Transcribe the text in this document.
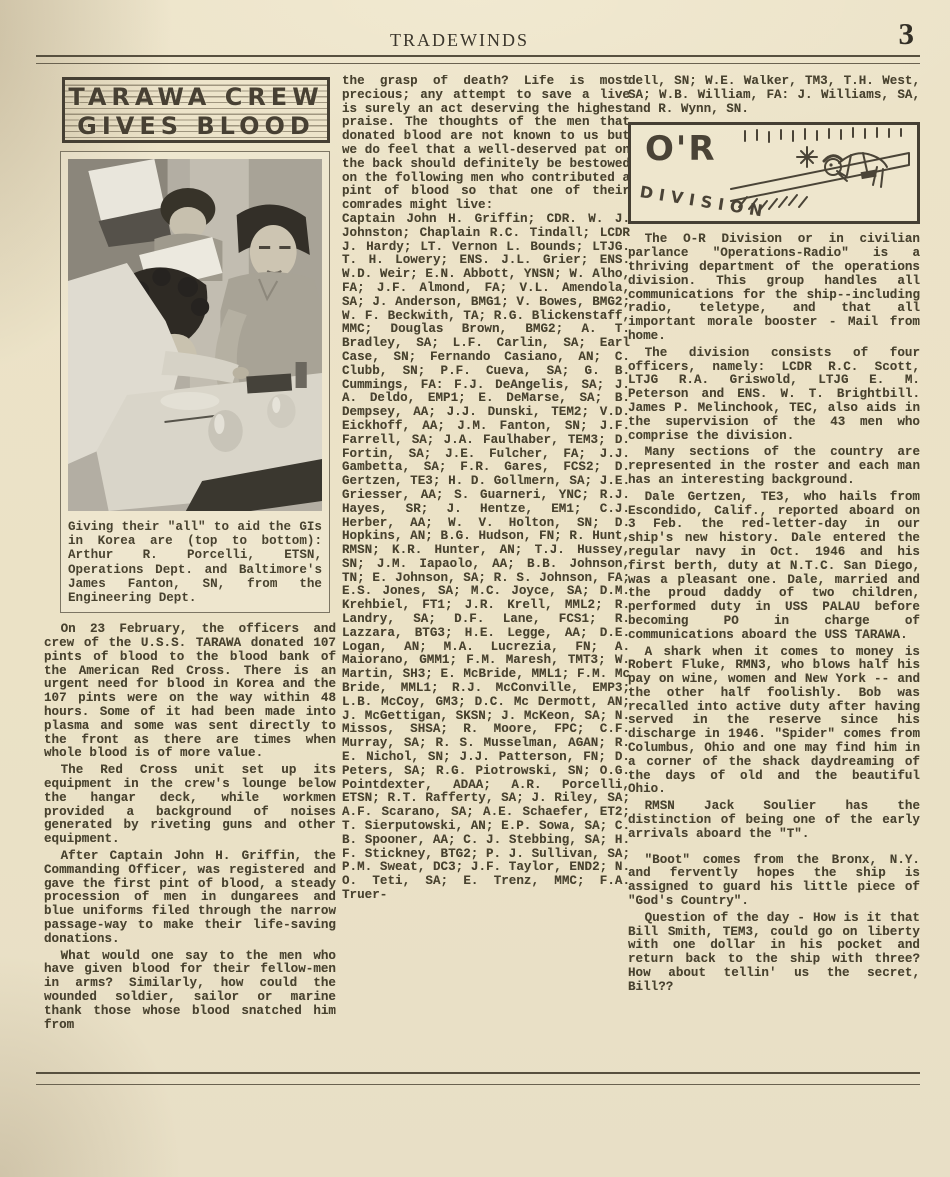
TRADEWINDS	3
TARAWA CREW
GIVES BLOOD
Giving their "all" to aid the GIs in Korea are (top to bottom): Arthur R. Porcelli, ETSN, Operations Dept. and Baltimore's James Fanton, SN, from the Engineering Dept.

On 23 February, the officers and crew of the U.S.S. TARAWA donated 107 pints of blood to the blood bank of the American Red Cross. There is an urgent need for blood in Korea and the 107 pints were on the way within 48 hours. Some of it had been made into plasma and some was sent directly to the front as there are times when whole blood is of more value.

The Red Cross unit set up its equipment in the crew's lounge below the hangar deck, while workmen provided a background of noises generated by riveting guns and other equipment.

After Captain John H. Griffin, the Commanding Officer, was registered and gave the first pint of blood, a steady procession of men in dungarees and blue uniforms filed through the narrow passage-way to make their life-saving donations.

What would one say to the men who have given blood for their fellow-men in arms? Similarly, how could the wounded soldier, sailor or marine thank those whose blood snatched him from

the grasp of death? Life is most precious; any attempt to save a live is surely an act deserving the highest praise. The thoughts of the men that donated blood are not known to us but we do feel that a well-deserved pat on the back should definitely be bestowed on the following men who contributed a pint of blood so that one of their comrades might live:

Captain John H. Griffin; CDR. W. J. Johnston; Chaplain R.C. Tindall; LCDR J. Hardy; LT. Vernon L. Bounds; LTJG. T. H. Lowery; ENS. J.L. Grier; ENS. W.D. Weir; E.N. Abbott, YNSN; W. Alho, FA; J.F. Almond, FA; V.L. Amendola, SA; J. Anderson, BMG1; V. Bowes, BMG2; W. F. Beckwith, TA; R.G. Blickenstaff, MMC; Douglas Brown, BMG2; A. T. Bradley, SA; L.F. Carlin, SA; Earl Case, SN; Fernando Casiano, AN; C. Clubb, SN; P.F. Cueva, SA; G. B. Cummings, FA: F.J. DeAngelis, SA; J. A. Deldo, EMP1; E. DeMarse, SA; B. Dempsey, AA; J.J. Dunski, TEM2; V.D. Eickhoff, AA; J.M. Fanton, SN; J.F. Farrell, SA; J.A. Faulhaber, TEM3; D. Fortin, SA; J.E. Fulcher, FA; J.J. Gambetta, SA; F.R. Gares, FCS2; D. Gertzen, TE3; H. D. Gollmern, SA; J.E. Griesser, AA; S. Guarneri, YNC; R.J. Hayes, SR; J. Hentze, EM1; C.J. Herber, AA; W. V. Holton, SN; D. Hopkins, AN; B.G. Hudson, FN; R. Hunt, RMSN; K.R. Hunter, AN; T.J. Hussey, SN; J.M. Iapaolo, AA; B.B. Johnson, TN; E. Johnson, SA; R. S. Johnson, FA; E.S. Jones, SA; M.C. Joyce, SA; D.M. Krehbiel, FT1; J.R. Krell, MML2; R. Landry, SA; D.F. Lane, FCS1; R. Lazzara, BTG3; H.E. Legge, AA; D.E. Logan, AN; M.A. Lucrezia, FN; A. Maiorano, GMM1; F.M. Maresh, TMT3; W. Martin, SH3; E. McBride, MML1; F.M. Mc Bride, MML1; R.J. McConville, EMP3; L.B. McCoy, GM3; D.C. Mc Dermott, AN; J. McGettigan, SKSN; J. McKeon, SA; N. Missos, SHSA; R. Moore, FPC; C.F. Murray, SA; R. S. Musselman, AGAN; R. E. Nichol, SN; J.J. Patterson, FN; D. Peters, SA; R.G. Piotrowski, SN; O.G. Pointdexter, ADAA; A.R. Porcelli, ETSN; R.T. Rafferty, SA; J. Riley, SA; A.F. Scarano, SA; A.E. Schaefer, ET2; T. Sierputowski, AN; E.P. Sowa, SA; C. B. Spooner, AA; C. J. Stebbing, SA; H. F. Stickney, BTG2; P. J. Sullivan, SA; P.M. Sweat, DC3; J.F. Taylor, END2; N. O. Teti, SA; E. Trenz, MMC; F.A. Truer-

dell, SN; W.E. Walker, TM3, T.H. West, SA; W.B. William, FA: J. Williams, SA, and R. Wynn, SN.

O'R
DIVISION

The O-R Division or in civilian parlance "Operations-Radio" is a thriving department of the operations division. This group handles all communications for the ship--including radio, teletype, and that all important morale booster - Mail from home.

The division consists of four officers, namely: LCDR R.C. Scott, LTJG R.A. Griswold, LTJG E. M. Peterson and ENS. W. T. Brightbill. James P. Melinchook, TEC, also aids in the supervision of the 43 men who comprise the division.

Many sections of the country are represented in the roster and each man has an interesting background.

Dale Gertzen, TE3, who hails from Escondido, Calif., reported aboard on 3 Feb. the red-letter-day in our ship's new history. Dale entered the regular navy in Oct. 1946 and his first berth, duty at N.T.C. San Diego, was a pleasant one. Dale, married and the proud daddy of two children, performed duty in USS PALAU before becoming PO in charge of communications aboard the USS TARAWA.

A shark when it comes to money is Robert Fluke, RMN3, who blows half his pay on wine, women and New York -- and the other half foolishly. Bob was recalled into active duty after having served in the reserve since his discharge in 1946. "Spider" comes from Columbus, Ohio and one may find him in a corner of the shack daydreaming of the days of old and the beautiful Ohio.

RMSN Jack Soulier has the distinction of being one of the early arrivals aboard the "T".

"Boot" comes from the Bronx, N.Y. and fervently hopes the ship is assigned to guard his little piece of "God's Country".

Question of the day - How is it that Bill Smith, TEM3, could go on liberty with one dollar in his pocket and return back to the ship with three? How about tellin' us the secret, Bill??
